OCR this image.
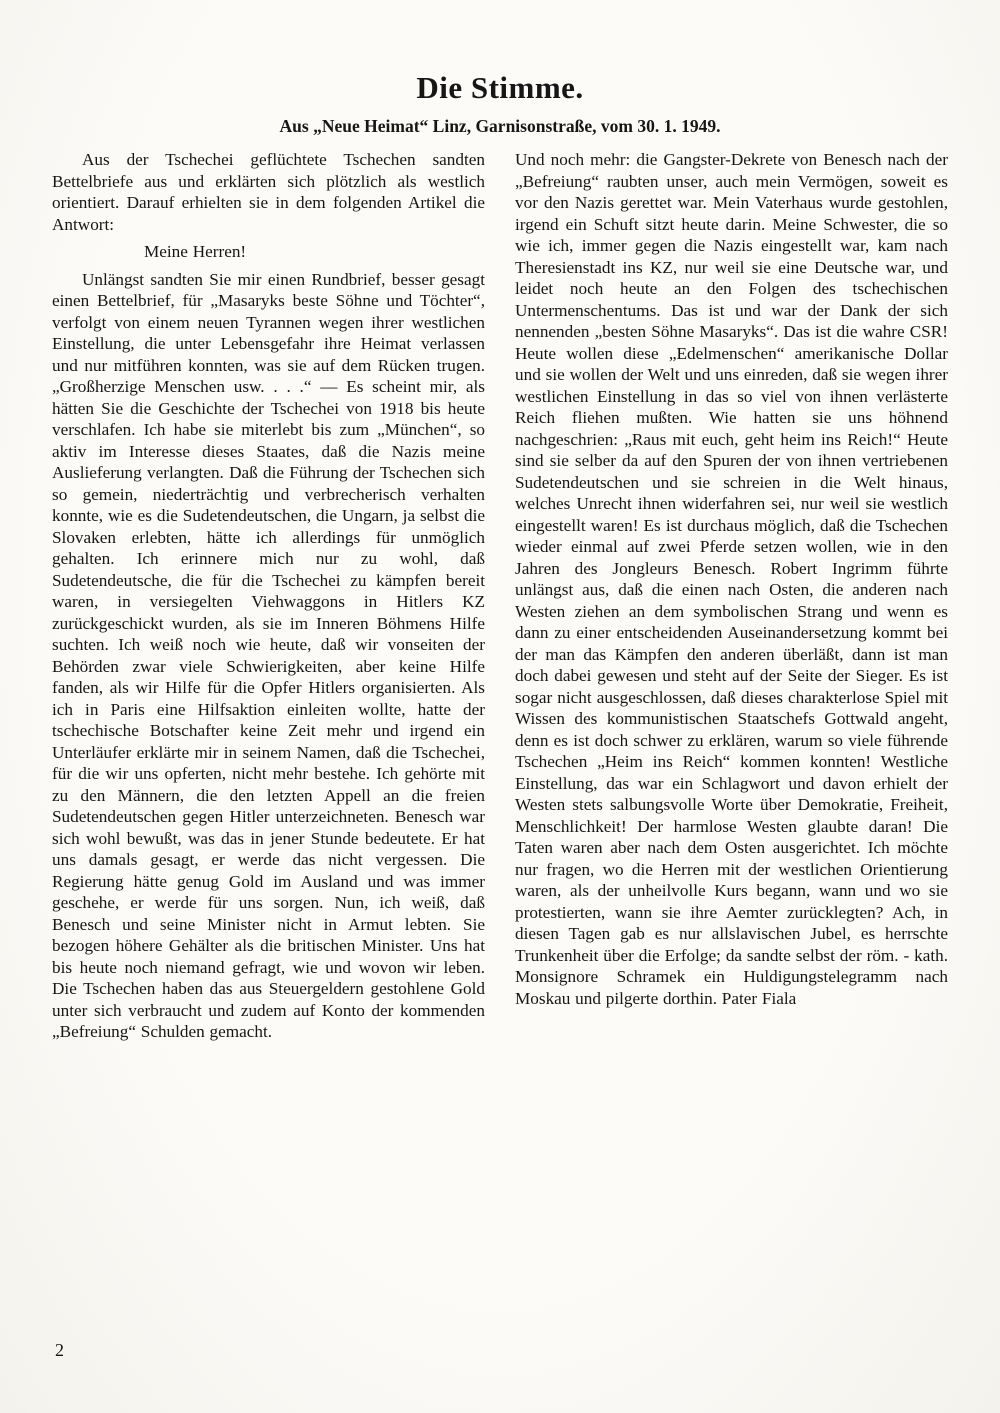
Die Stimme.

Aus „Neue Heimat“ Linz, Garnisonstraße, vom 30. 1. 1949.

Aus der Tschechei geflüchtete Tschechen sandten Bettelbriefe aus und erklärten sich plötzlich als westlich orientiert. Darauf erhielten sie in dem folgenden Artikel die Antwort:

Meine Herren!

Unlängst sandten Sie mir einen Rundbrief, besser gesagt einen Bettelbrief, für „Masaryks beste Söhne und Töchter“, verfolgt von einem neuen Tyrannen wegen ihrer westlichen Einstellung, die unter Lebensgefahr ihre Heimat verlassen und nur mitführen konnten, was sie auf dem Rücken trugen. „Großherzige Menschen usw. . . .“ — Es scheint mir, als hätten Sie die Geschichte der Tschechei von 1918 bis heute verschlafen. Ich habe sie miterlebt bis zum „München“, so aktiv im Interesse dieses Staates, daß die Nazis meine Auslieferung verlangten. Daß die Führung der Tschechen sich so gemein, niederträchtig und verbrecherisch verhalten konnte, wie es die Sudetendeutschen, die Ungarn, ja selbst die Slovaken erlebten, hätte ich allerdings für unmöglich gehalten. Ich erinnere mich nur zu wohl, daß Sudetendeutsche, die für die Tschechei zu kämpfen bereit waren, in versiegelten Viehwaggons in Hitlers KZ zurückgeschickt wurden, als sie im Inneren Böhmens Hilfe suchten. Ich weiß noch wie heute, daß wir vonseiten der Behörden zwar viele Schwierigkeiten, aber keine Hilfe fanden, als wir Hilfe für die Opfer Hitlers organisierten. Als ich in Paris eine Hilfsaktion einleiten wollte, hatte der tschechische Botschafter keine Zeit mehr und irgend ein Unterläufer erklärte mir in seinem Namen, daß die Tschechei, für die wir uns opferten, nicht mehr bestehe. Ich gehörte mit zu den Männern, die den letzten Appell an die freien Sudetendeutschen gegen Hitler unterzeichneten. Benesch war sich wohl bewußt, was das in jener Stunde bedeutete. Er hat uns damals gesagt, er werde das nicht vergessen. Die Regierung hätte genug Gold im Ausland und was immer geschehe, er werde für uns sorgen. Nun, ich weiß, daß Benesch und seine Minister nicht in Armut lebten. Sie bezogen höhere Gehälter als die britischen Minister. Uns hat bis heute noch niemand gefragt, wie und wovon wir leben. Die Tschechen haben das aus Steuergeldern gestohlene Gold unter sich verbraucht und zudem auf Konto der kommenden „Befreiung“ Schulden gemacht.

Und noch mehr: die Gangster-Dekrete von Benesch nach der „Befreiung“ raubten unser, auch mein Vermögen, soweit es vor den Nazis gerettet war. Mein Vaterhaus wurde gestohlen, irgend ein Schuft sitzt heute darin. Meine Schwester, die so wie ich, immer gegen die Nazis eingestellt war, kam nach Theresienstadt ins KZ, nur weil sie eine Deutsche war, und leidet noch heute an den Folgen des tschechischen Untermenschentums. Das ist und war der Dank der sich nennenden „besten Söhne Masaryks“. Das ist die wahre CSR! Heute wollen diese „Edelmenschen“ amerikanische Dollar und sie wollen der Welt und uns einreden, daß sie wegen ihrer westlichen Einstellung in das so viel von ihnen verlästerte Reich fliehen mußten. Wie hatten sie uns höhnend nachgeschrien: „Raus mit euch, geht heim ins Reich!“ Heute sind sie selber da auf den Spuren der von ihnen vertriebenen Sudetendeutschen und sie schreien in die Welt hinaus, welches Unrecht ihnen widerfahren sei, nur weil sie westlich eingestellt waren! Es ist durchaus möglich, daß die Tschechen wieder einmal auf zwei Pferde setzen wollen, wie in den Jahren des Jongleurs Benesch. Robert Ingrimm führte unlängst aus, daß die einen nach Osten, die anderen nach Westen ziehen an dem symbolischen Strang und wenn es dann zu einer entscheidenden Auseinandersetzung kommt bei der man das Kämpfen den anderen überläßt, dann ist man doch dabei gewesen und steht auf der Seite der Sieger. Es ist sogar nicht ausgeschlossen, daß dieses charakterlose Spiel mit Wissen des kommunistischen Staatschefs Gottwald angeht, denn es ist doch schwer zu erklären, warum so viele führende Tschechen „Heim ins Reich“ kommen konnten! Westliche Einstellung, das war ein Schlagwort und davon erhielt der Westen stets salbungsvolle Worte über Demokratie, Freiheit, Menschlichkeit! Der harmlose Westen glaubte daran! Die Taten waren aber nach dem Osten ausgerichtet. Ich möchte nur fragen, wo die Herren mit der westlichen Orientierung waren, als der unheilvolle Kurs begann, wann und wo sie protestierten, wann sie ihre Aemter zurücklegten? Ach, in diesen Tagen gab es nur allslavischen Jubel, es herrschte Trunkenheit über die Erfolge; da sandte selbst der röm. - kath. Monsignore Schramek ein Huldigungstelegramm nach Moskau und pilgerte dorthin. Pater Fiala

2
